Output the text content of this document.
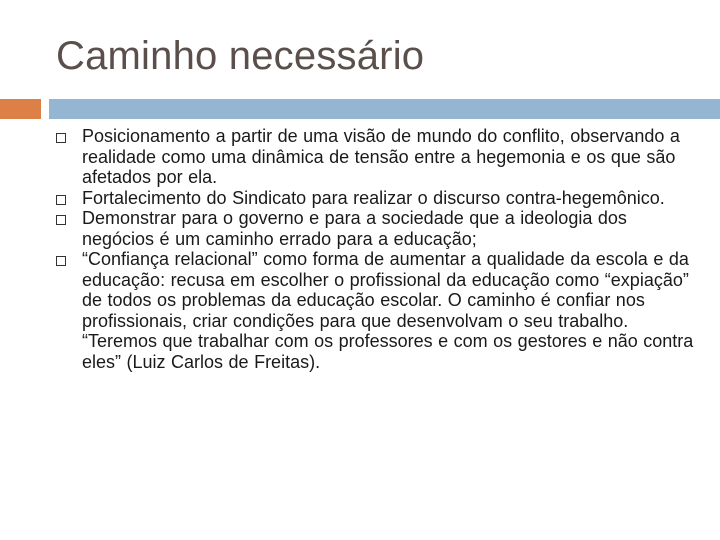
Caminho necessário
Posicionamento a partir de uma visão de mundo do conflito, observando a realidade como uma dinâmica de tensão entre a hegemonia e os que são afetados por ela.
Fortalecimento do Sindicato para realizar o discurso contra-hegemônico.
Demonstrar para o governo e para a sociedade que a ideologia dos negócios é um caminho errado para a educação;
“Confiança relacional” como forma de aumentar a qualidade da escola e da educação: recusa em escolher o profissional da educação como “expiação” de todos os problemas da educação escolar. O caminho é confiar nos profissionais, criar condições para que desenvolvam o seu trabalho. “Teremos que trabalhar com os professores e com os gestores e não contra eles” (Luiz Carlos de Freitas).
